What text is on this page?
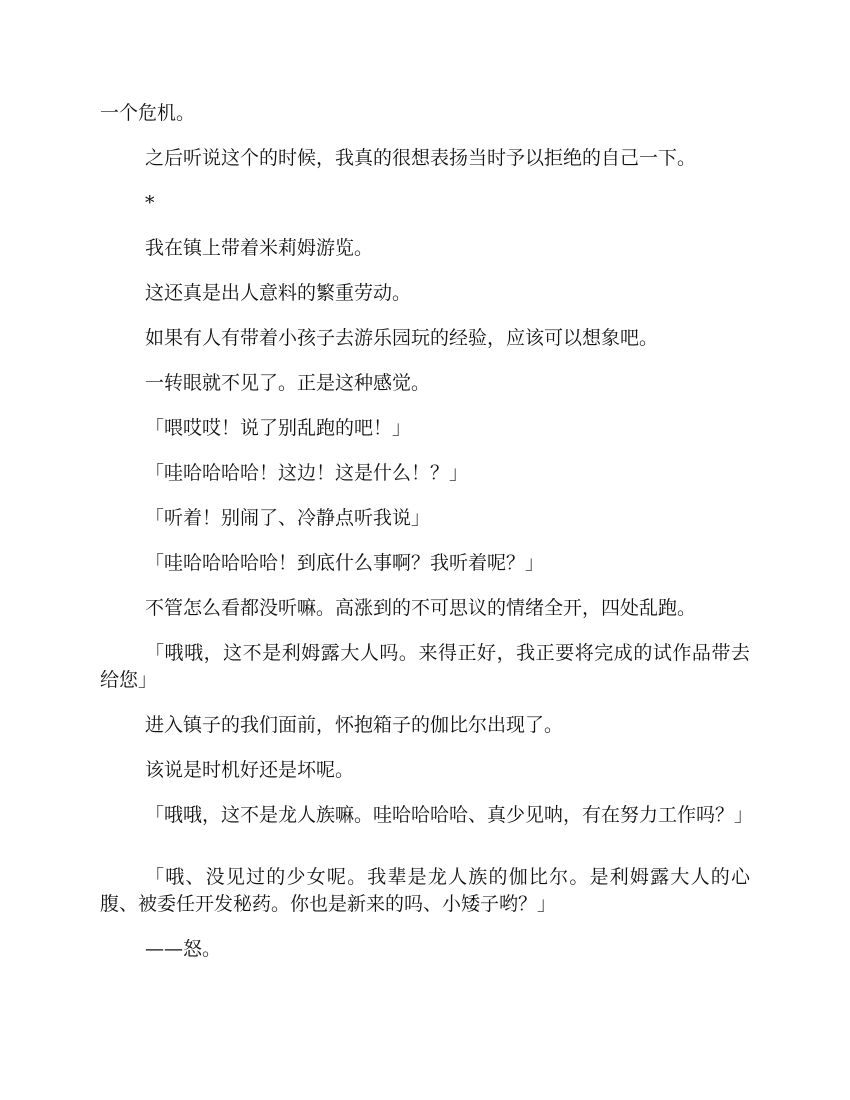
一个危机。

之后听说这个的时候，我真的很想表扬当时予以拒绝的自己一下。

*

我在镇上带着米莉姆游览。

这还真是出人意料的繁重劳动。

如果有人有带着小孩子去游乐园玩的经验，应该可以想象吧。

一转眼就不见了。正是这种感觉。

「喂哎哎！说了别乱跑的吧！」

「哇哈哈哈哈！这边！这是什么！？」

「听着！别闹了、冷静点听我说」

「哇哈哈哈哈哈！到底什么事啊？我听着呢？」

不管怎么看都没听嘛。高涨到的不可思议的情绪全开，四处乱跑。

「哦哦，这不是利姆露大人吗。来得正好，我正要将完成的试作品带去给您」

进入镇子的我们面前，怀抱箱子的伽比尔出现了。

该说是时机好还是坏呢。

「哦哦，这不是龙人族嘛。哇哈哈哈哈、真少见呐，有在努力工作吗？」

「哦、没见过的少女呢。我辈是龙人族的伽比尔。是利姆露大人的心腹、被委任开发秘药。你也是新来的吗、小矮子哟？」

——怒。
